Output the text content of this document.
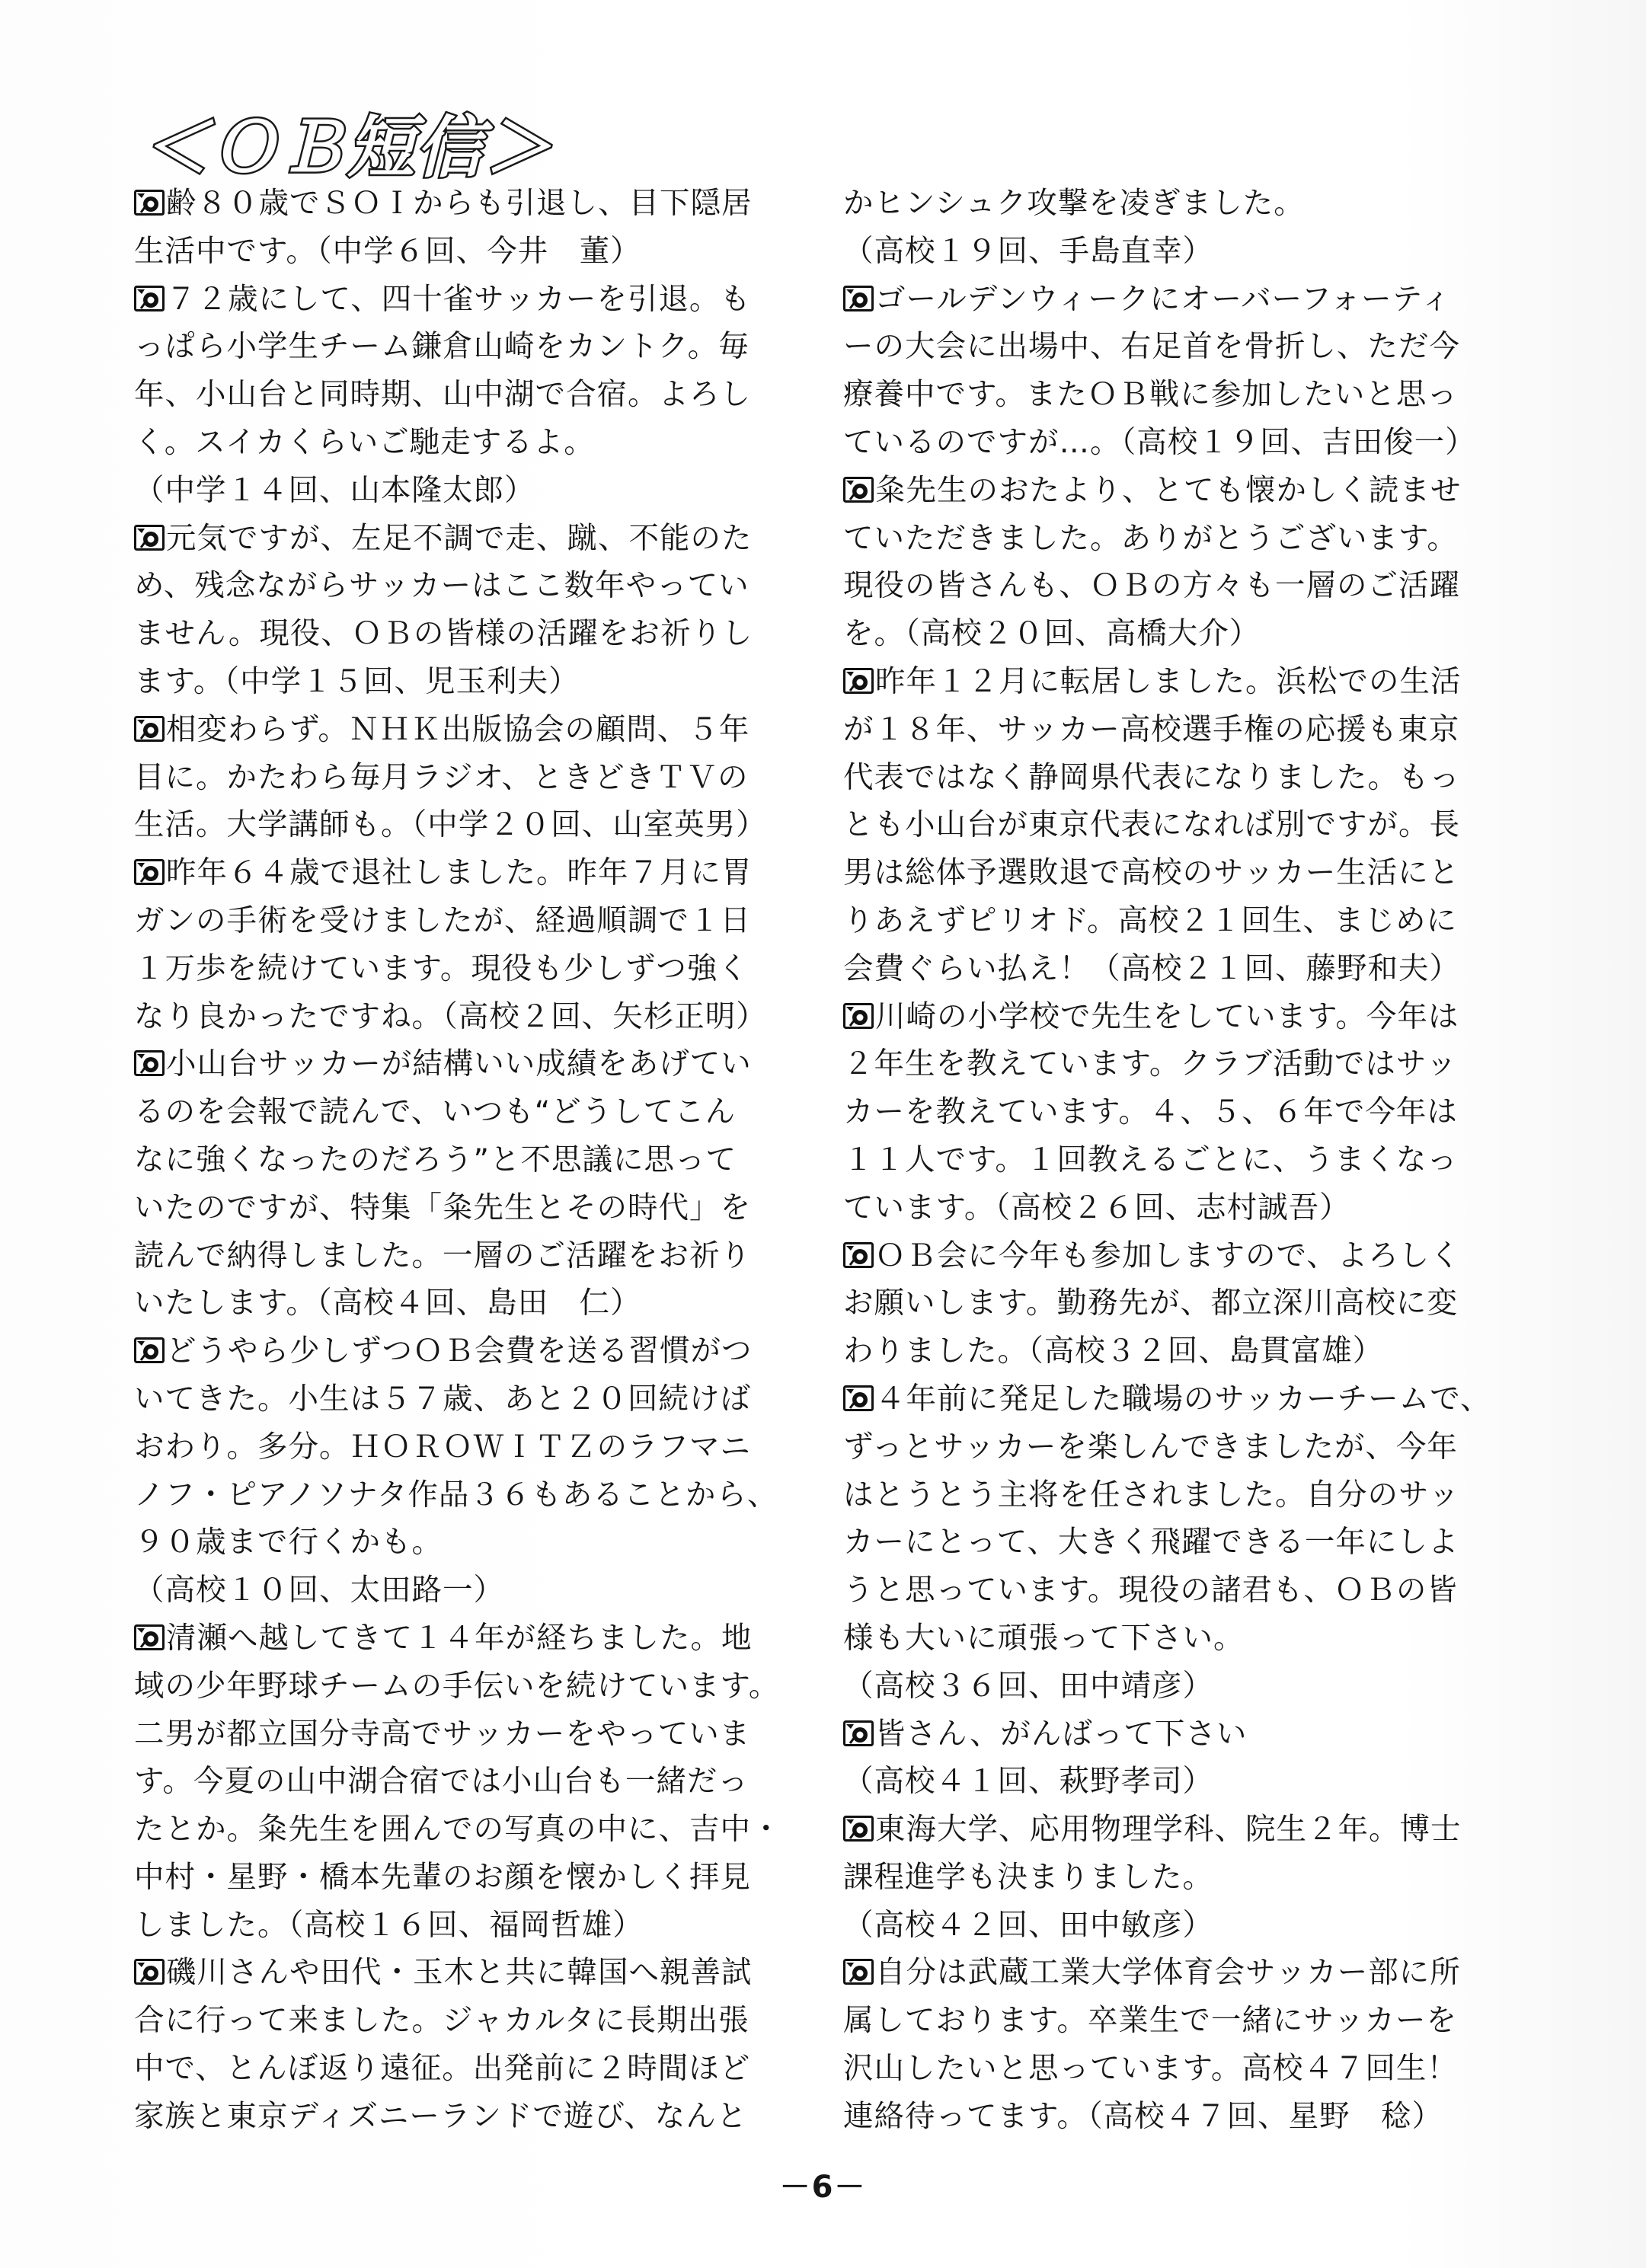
＜ＯＢ短信＞
齢８０歳でＳＯＩからも引退し、目下隠居
生活中です。（中学６回、今井　董）
７２歳にして、四十雀サッカーを引退。も
っぱら小学生チーム鎌倉山崎をカントク。毎
年、小山台と同時期、山中湖で合宿。よろし
く。スイカくらいご馳走するよ。
（中学１４回、山本隆太郎）
元気ですが、左足不調で走、蹴、不能のた
め、残念ながらサッカーはここ数年やってい
ません。現役、ＯＢの皆様の活躍をお祈りし
ます。（中学１５回、児玉利夫）
相変わらず。ＮＨＫ出版協会の顧問、５年
目に。かたわら毎月ラジオ、ときどきＴＶの
生活。大学講師も。（中学２０回、山室英男）
昨年６４歳で退社しました。昨年７月に胃
ガンの手術を受けましたが、経過順調で１日
１万歩を続けています。現役も少しずつ強く
なり良かったですね。（高校２回、矢杉正明）
小山台サッカーが結構いい成績をあげてい
るのを会報で読んで、いつも“どうしてこん
なに強くなったのだろう”と不思議に思って
いたのですが、特集「粂先生とその時代」を
読んで納得しました。一層のご活躍をお祈り
いたします。（高校４回、島田　仁）
どうやら少しずつＯＢ会費を送る習慣がつ
いてきた。小生は５７歳、あと２０回続けば
おわり。多分。ＨＯＲＯＷＩＴＺのラフマニ
ノフ・ピアノソナタ作品３６もあることから、
９０歳まで行くかも。
（高校１０回、太田路一）
清瀬へ越してきて１４年が経ちました。地
域の少年野球チームの手伝いを続けています。
二男が都立国分寺高でサッカーをやっていま
す。今夏の山中湖合宿では小山台も一緒だっ
たとか。粂先生を囲んでの写真の中に、吉中・
中村・星野・橋本先輩のお顔を懐かしく拝見
しました。（高校１６回、福岡哲雄）
磯川さんや田代・玉木と共に韓国へ親善試
合に行って来ました。ジャカルタに長期出張
中で、とんぼ返り遠征。出発前に２時間ほど
家族と東京ディズニーランドで遊び、なんと
かヒンシュク攻撃を凌ぎました。
（高校１９回、手島直幸）
ゴールデンウィークにオーバーフォーティ
ーの大会に出場中、右足首を骨折し、ただ今
療養中です。またＯＢ戦に参加したいと思っ
ているのですが…。（高校１９回、吉田俊一）
粂先生のおたより、とても懐かしく読ませ
ていただきました。ありがとうございます。
現役の皆さんも、ＯＢの方々も一層のご活躍
を。（高校２０回、高橋大介）
昨年１２月に転居しました。浜松での生活
が１８年、サッカー高校選手権の応援も東京
代表ではなく静岡県代表になりました。もっ
とも小山台が東京代表になれば別ですが。長
男は総体予選敗退で高校のサッカー生活にと
りあえずピリオド。高校２１回生、まじめに
会費ぐらい払え！（高校２１回、藤野和夫）
川崎の小学校で先生をしています。今年は
２年生を教えています。クラブ活動ではサッ
カーを教えています。４、５、６年で今年は
１１人です。１回教えるごとに、うまくなっ
ています。（高校２６回、志村誠吾）
ＯＢ会に今年も参加しますので、よろしく
お願いします。勤務先が、都立深川高校に変
わりました。（高校３２回、島貫富雄）
４年前に発足した職場のサッカーチームで、
ずっとサッカーを楽しんできましたが、今年
はとうとう主将を任されました。自分のサッ
カーにとって、大きく飛躍できる一年にしよ
うと思っています。現役の諸君も、ＯＢの皆
様も大いに頑張って下さい。
（高校３６回、田中靖彦）
皆さん、がんばって下さい
（高校４１回、萩野孝司）
東海大学、応用物理学科、院生２年。博士
課程進学も決まりました。
（高校４２回、田中敏彦）
自分は武蔵工業大学体育会サッカー部に所
属しております。卒業生で一緒にサッカーを
沢山したいと思っています。高校４７回生！
連絡待ってます。（高校４７回、星野　稔）
－6－
